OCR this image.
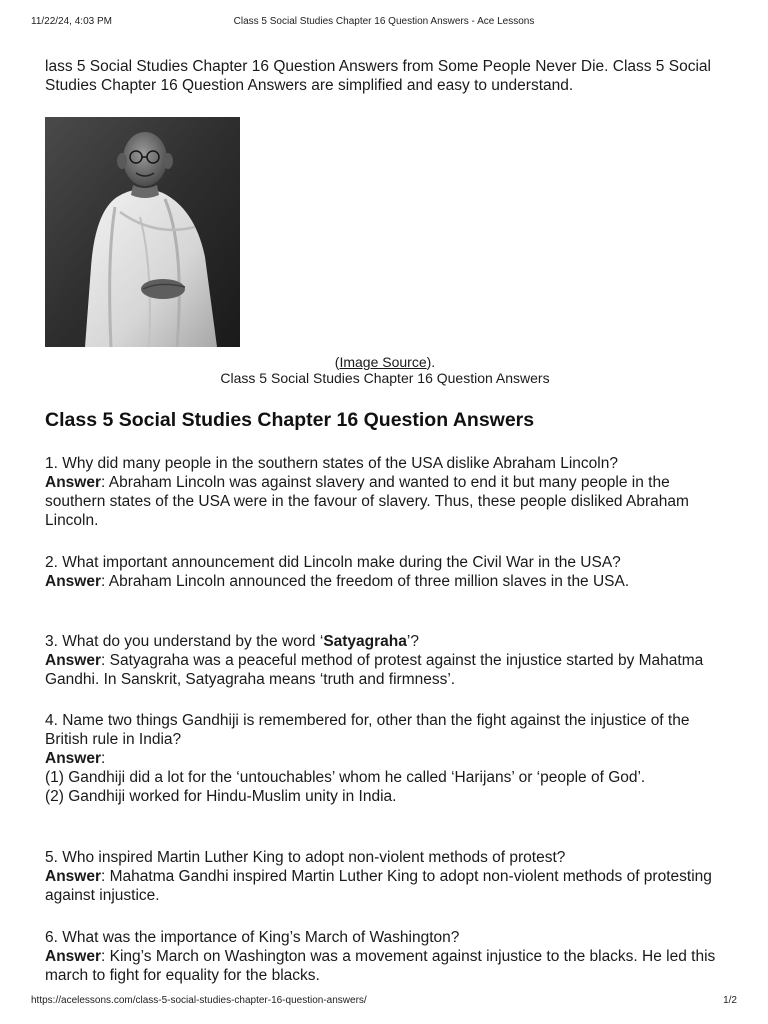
11/22/24, 4:03 PM	Class 5 Social Studies Chapter 16 Question Answers - Ace Lessons

lass 5 Social Studies Chapter 16 Question Answers from Some People Never Die. Class 5 Social Studies Chapter 16 Question Answers are simplified and easy to understand.

(Image Source).
Class 5 Social Studies Chapter 16 Question Answers
Class 5 Social Studies Chapter 16 Question Answers

1. Why did many people in the southern states of the USA dislike Abraham Lincoln?

Answer: Abraham Lincoln was against slavery and wanted to end it but many people in the southern states of the USA were in the favour of slavery. Thus, these people disliked Abraham Lincoln.

2. What important announcement did Lincoln make during the Civil War in the USA?

Answer: Abraham Lincoln announced the freedom of three million slaves in the USA.

3. What do you understand by the word ‘Satyagraha’?

Answer: Satyagraha was a peaceful method of protest against the injustice started by Mahatma Gandhi. In Sanskrit, Satyagraha means ‘truth and firmness’.

4. Name two things Gandhiji is remembered for, other than the fight against the injustice of the British rule in India?

Answer:

(1) Gandhiji did a lot for the ‘untouchables’ whom he called ‘Harijans’ or ‘people of God’.

(2) Gandhiji worked for Hindu-Muslim unity in India.

5. Who inspired Martin Luther King to adopt non-violent methods of protest?

Answer: Mahatma Gandhi inspired Martin Luther King to adopt non-violent methods of protesting against injustice.

6. What was the importance of King’s March of Washington?

Answer: King’s March on Washington was a movement against injustice to the blacks. He led this march to fight for equality for the blacks.

https://acelessons.com/class-5-social-studies-chapter-16-question-answers/	1/2
